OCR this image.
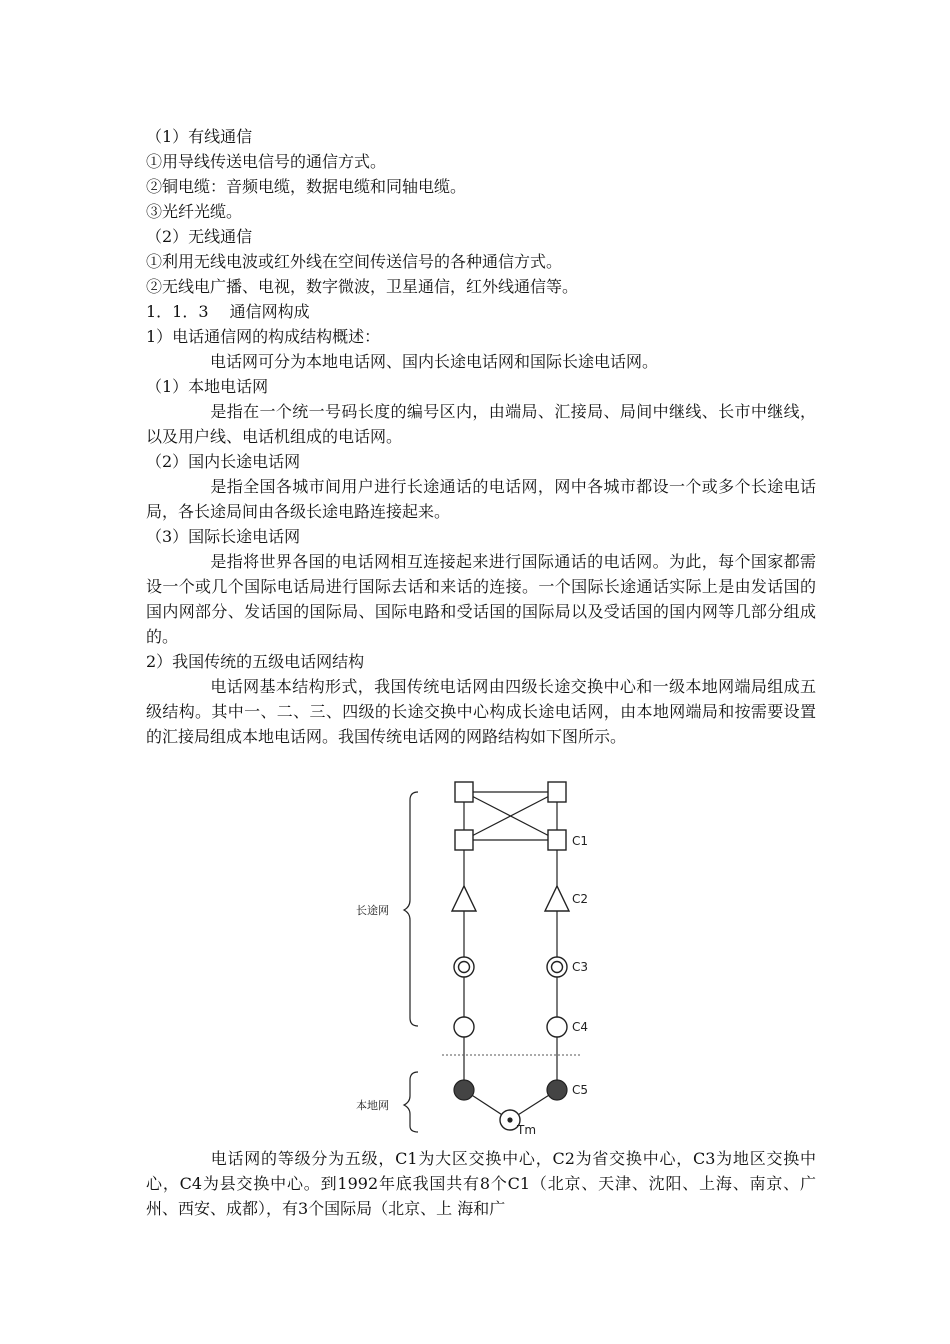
（1）有线通信

①用导线传送电信号的通信方式。

②铜电缆：音频电缆，数据电缆和同轴电缆。

③光纤光缆。

（2）无线通信

①利用无线电波或红外线在空间传送信号的各种通信方式。

②无线电广播、电视，数字微波，卫星通信，红外线通信等。

1．1．3　 通信网构成

1）电话通信网的构成结构概述：

电话网可分为本地电话网、国内长途电话网和国际长途电话网。

（1）本地电话网

是指在一个统一号码长度的编号区内，由端局、汇接局、局间中继线、长市中继线，以及用户线、电话机组成的电话网。

（2）国内长途电话网

是指全国各城市间用户进行长途通话的电话网，网中各城市都设一个或多个长途电话局，各长途局间由各级长途电路连接起来。

（3）国际长途电话网

是指将世界各国的电话网相互连接起来进行国际通话的电话网。为此，每个国家都需设一个或几个国际电话局进行国际去话和来话的连接。一个国际长途通话实际上是由发话国的国内网部分、发话国的国际局、国际电路和受话国的国际局以及受话国的国内网等几部分组成的。

2）我国传统的五级电话网结构

电话网基本结构形式，我国传统电话网由四级长途交换中心和一级本地网端局组成五级结构。其中一、二、三、四级的长途交换中心构成长途电话网，由本地网端局和按需要设置的汇接局组成本地电话网。我国传统电话网的网路结构如下图所示。

长途网
本地网
C1
C2
C3
C4
C5
Tm

电话网的等级分为五级，C1为大区交换中心，C2为省交换中心，C3为地区交换中心，C4为县交换中心。到1992年底我国共有8个C1（北京、天津、沈阳、上海、南京、广州、西安、成都），有3个国际局（北京、上 海和广
